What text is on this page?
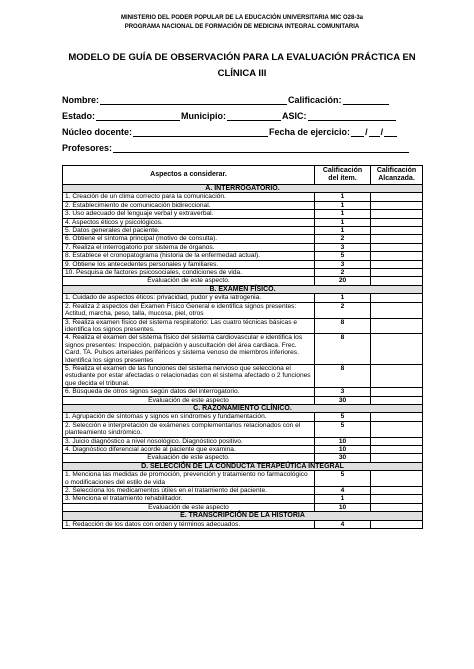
MINISTERIO DEL PODER POPULAR DE LA EDUCACIÓN UNIVERSITARIA MIC O28-3a
PROGRAMA NACIONAL DE FORMACIÓN DE MEDICINA INTEGRAL COMUNITARIA
MODELO DE GUÍA DE OBSERVACIÓN PARA LA EVALUACIÓN PRÁCTICA EN
CLÍNICA III
Nombre:	Calificación:
Estado:	Municipio:	ASIC:
Núcleo docente:	Fecha de ejercicio: / /
Profesores:
Aspectos a considerar.	Calificación del ítem.	Calificación Alcanzada.
A. INTERROGATORIO.		
1. Creación de un clima correcto para la comunicación.	1	
2. Establecimiento de comunicación bidireccional.	1	
3. Uso adecuado del lenguaje verbal y extraverbal.	1	
4. Aspectos éticos y psicológicos.	1	
5. Datos generales del paciente.	1	
6. Obtiene el síntoma principal (motivo de consulta).	2	
7. Realiza el interrogatorio por sistema de órganos.	3	
8. Establece el cronopatograma (historia de la enfermedad actual).	5	
9. Obtiene los antecedentes personales y familiares.	3	
10. Pesquisa de factores psicosociales, condiciones de vida.	2	
Evaluación de este aspecto.	20	
B. EXAMEN FÍSICO.		
1. Cuidado de aspectos éticos: privacidad, pudor y evita iatrogenia.	1	
2. Realiza 2 aspectos del Examen Físico General e identifica signos presentes: Actitud, marcha, peso, talla, mucosa, piel, otros	2	
3. Realiza examen físico del sistema respiratorio: Las cuatro técnicas básicas e identifica los signos presentes.	8	
4. Realiza el examen del sistema físico del sistema cardiovascular e identifica los signos presentes: Inspección, palpación y auscultación del área cardiaca. Frec. Card. TA. Pulsos arteriales periféricos y sistema venoso de miembros inferiores. Identifica los signos presentes	8	
5. Realiza el examen de las funciones del sistema nervioso que selecciona el estudiante por estar afectadas o relacionadas con el sistema afectado o 2 funciones que decida el tribunal.	8	
6. Búsqueda de otros signos según datos del interrogatorio.	3	
Evaluación de este aspecto	30	
C. RAZONAMIENTO CLÍNICO.		
1. Agrupación de síntomas y signos en síndromes y fundamentación.	5	
2. Selección e interpretación de exámenes complementarios relacionados con el planteamiento sindrómico.	5	
3. Juicio diagnóstico a nivel nosológico. Diagnóstico positivo.	10	
4. Diagnóstico diferencial acorde al paciente que examina.	10	
Evaluación de este aspecto.	30	
D. SELECCIÓN DE LA CONDUCTA TERAPEÚTICA INTEGRAL		
1. Menciona las medidas de promoción, prevención y tratamiento no farmacológico o modificaciones del estilo de vida	5	
2. Selecciona los medicamentos útiles en el tratamiento del paciente.	4	
3. Menciona el tratamiento rehabilitador.	1	
Evaluación de este aspecto	10	
E. TRANSCRIPCIÓN DE LA HISTORIA		
1. Redacción de los datos con orden y términos adecuados.	4	
